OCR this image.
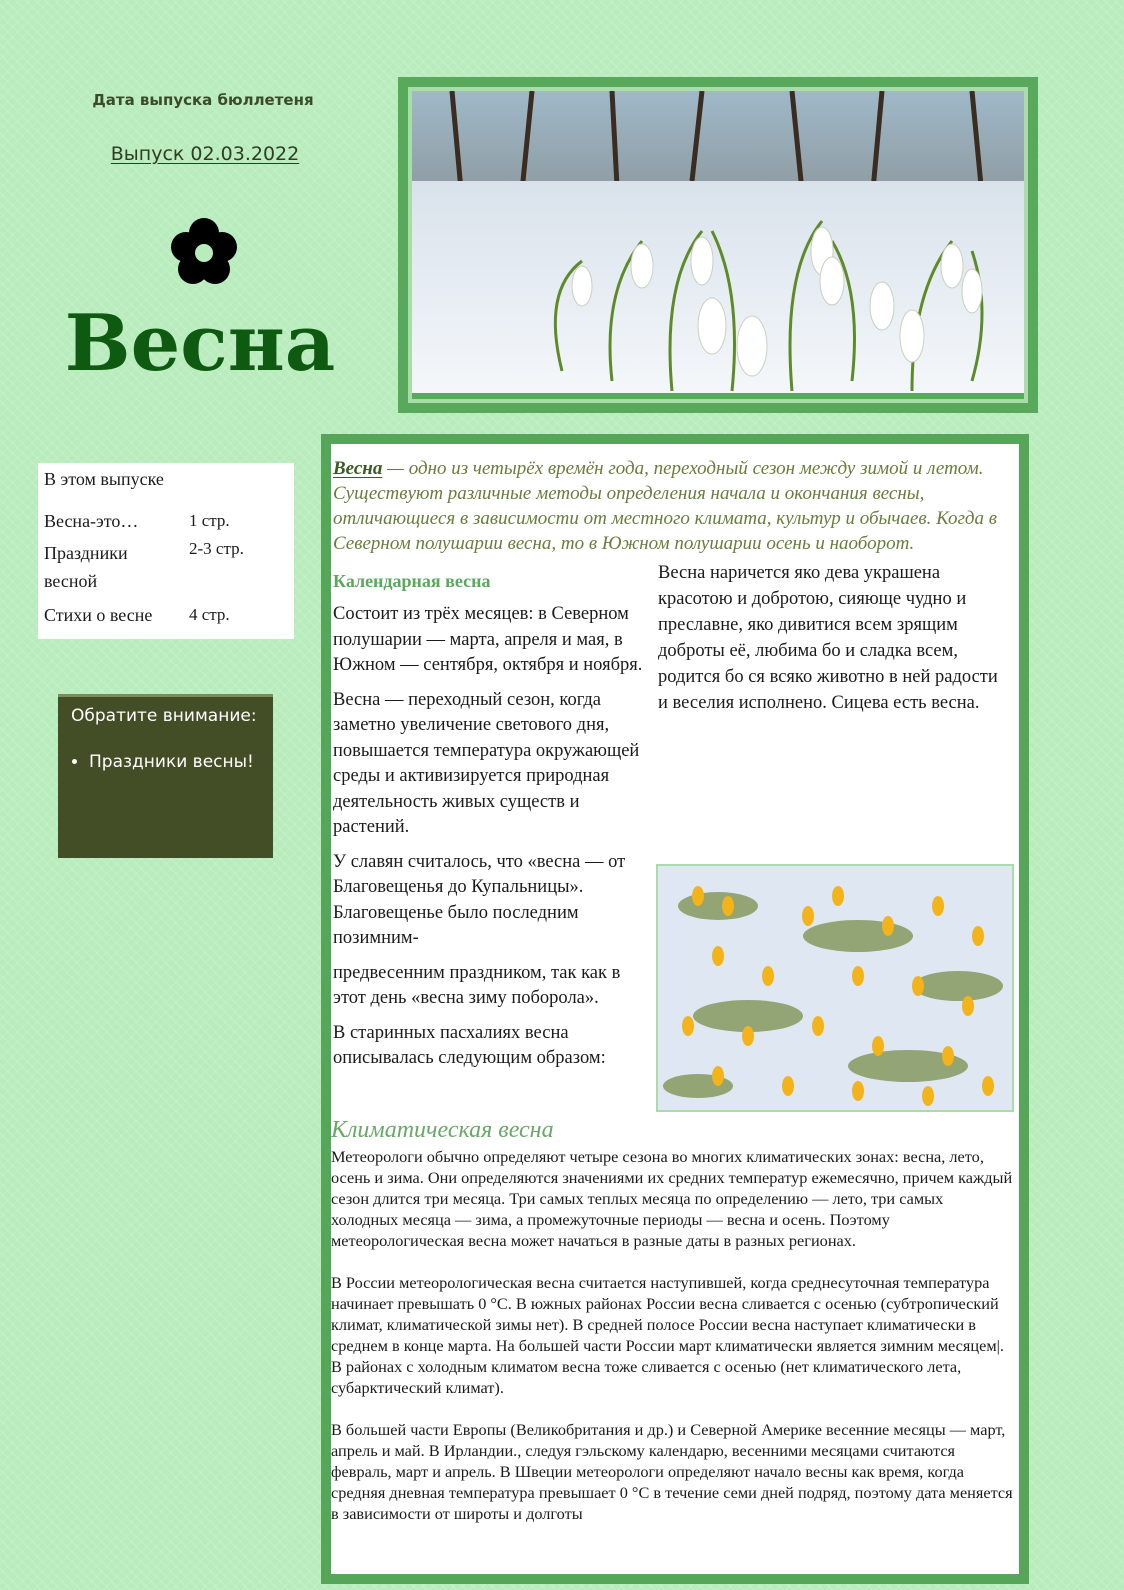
Дата выпуска бюллетеня
Выпуск 02.03.2022
Весна
В этом выпуске
Весна-это…	1 стр.
Праздники весной
2-3 стр.
Стихи о весне	4 стр.
Обратите внимание:
• Праздники весны!
Весна — одно из четырёх времён года, переходный сезон между зимой и летом. Существуют различные методы определения начала и окончания весны, отличающиеся в зависимости от местного климата, культур и обычаев. Когда в Северном полушарии весна, то в Южном полушарии осень и наоборот.
Календарная весна

Состоит из трёх месяцев: в Северном полушарии — марта, апреля и мая, в Южном — сентября, октября и ноября.

Весна — переходный сезон, когда заметно увеличение светового дня, повышается температура окружающей среды и активизируется природная деятельность живых существ и растений.

У славян считалось, что «весна — от Благовещенья до Купальницы». Благовещенье было последним позимним-

предвесенним праздником, так как в этот день «весна зиму поборола».

В старинных пасхалиях весна описывалась следующим образом:

Весна наричется яко дева украшена красотою и добротою, сияюще чудно и преславне, яко дивитися всем зрящим доброты её, любима бо и сладка всем, родится бо ся всяко животно в ней радости и веселия исполнено. Сицева есть весна.
Климатическая весна

Метеорологи обычно определяют четыре сезона во многих климатических зонах: весна, лето, осень и зима. Они определяются значениями их средних температур ежемесячно, причем каждый сезон длится три месяца. Три самых теплых месяца по определению — лето, три самых холодных месяца — зима, а промежуточные периоды — весна и осень. Поэтому метеорологическая весна может начаться в разные даты в разных регионах.

В России метеорологическая весна считается наступившей, когда среднесуточная температура начинает превышать 0 °C. В южных районах России весна сливается с осенью (субтропический климат, климатической зимы нет). В средней полосе России весна наступает климатически в среднем в конце марта. На большей части России март климатически является зимним месяцем|. В районах с холодным климатом весна тоже сливается с осенью (нет климатического лета, субарктический климат).

В большей части Европы (Великобритания и др.) и Северной Америке весенние месяцы — март, апрель и май. В Ирландии., следуя гэльскому календарю, весенними месяцами считаются февраль, март и апрель. В Швеции метеорологи определяют начало весны как время, когда средняя дневная температура превышает 0 °C в течение семи дней подряд, поэтому дата меняется в зависимости от широты и долготы
